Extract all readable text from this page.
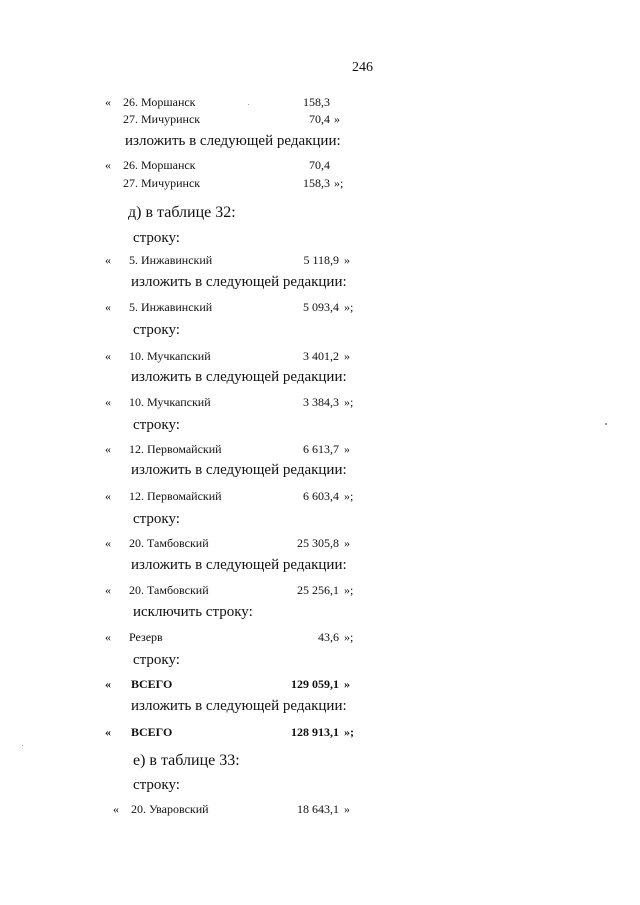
246
« 26. Моршанск	158,3
27. Мичуринск	70,4 »
изложить в следующей редакции:
« 26. Моршанск	70,4
27. Мичуринск	158,3 »;
д) в таблице 32:
строку:
« 5. Инжавинский	5 118,9 »
изложить в следующей редакции:
« 5. Инжавинский	5 093,4 »;
строку:
« 10. Мучкапский	3 401,2 »
изложить в следующей редакции:
« 10. Мучкапский	3 384,3 »;
строку:
« 12. Первомайский	6 613,7 »
изложить в следующей редакции:
« 12. Первомайский	6 603,4 »;
строку:
« 20. Тамбовский	25 305,8 »
изложить в следующей редакции:
« 20. Тамбовский	25 256,1 »;
исключить строку:
« Резерв	43,6 »;
строку:
« ВСЕГО	129 059,1 »
изложить в следующей редакции:
« ВСЕГО	128 913,1 »;
е) в таблице 33:
строку:
« 20. Уваровский	18 643,1 »
